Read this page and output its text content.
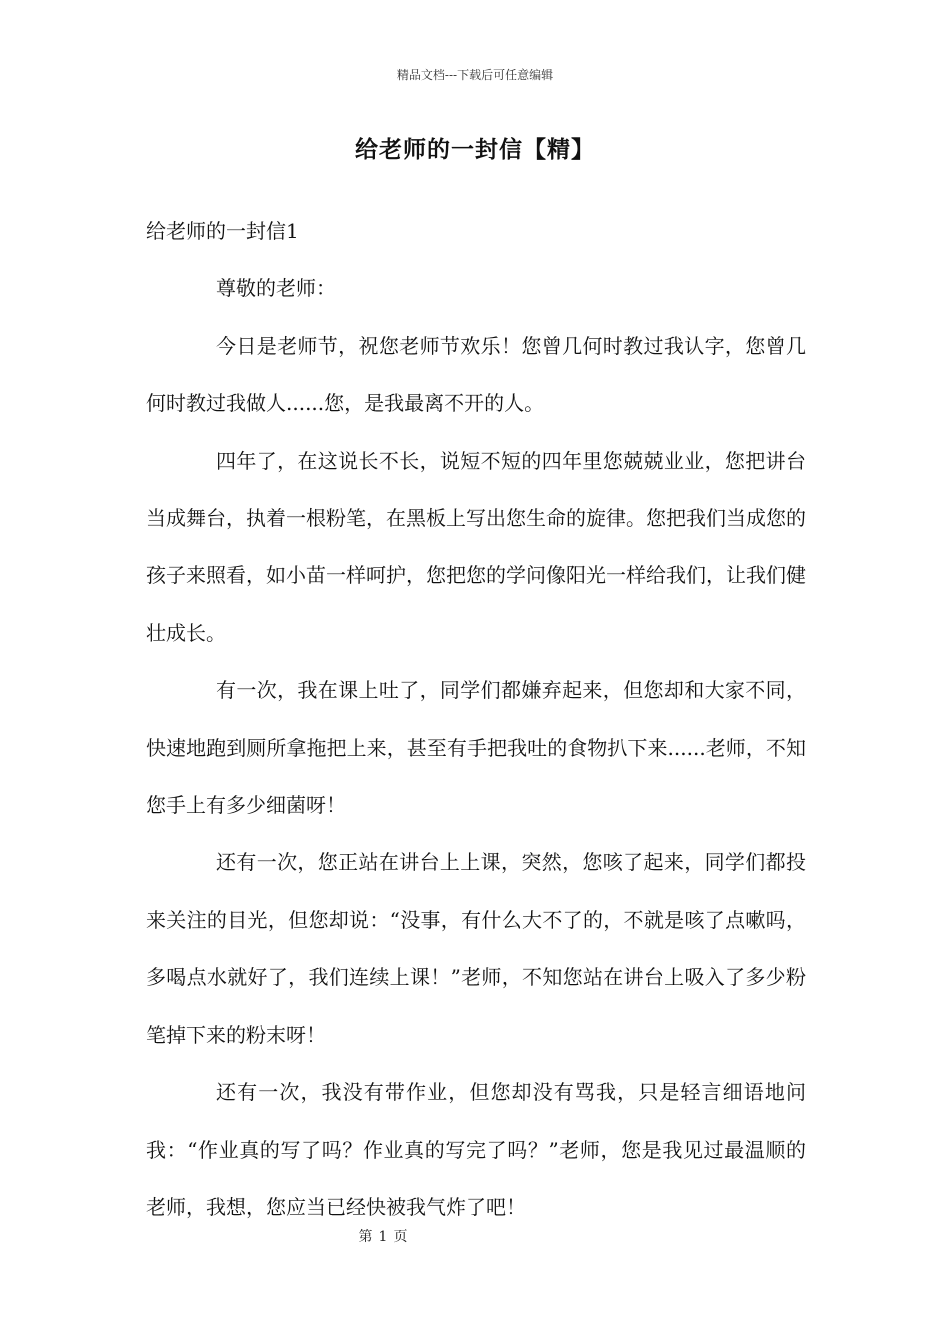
精品文档---下载后可任意编辑
给老师的一封信【精】

给老师的一封信1

尊敬的老师：

今日是老师节，祝您老师节欢乐！您曾几何时教过我认字，您曾几何时教过我做人......您，是我最离不开的人。

四年了，在这说长不长，说短不短的四年里您兢兢业业，您把讲台当成舞台，执着一根粉笔，在黑板上写出您生命的旋律。您把我们当成您的孩子来照看，如小苗一样呵护，您把您的学问像阳光一样给我们，让我们健壮成长。

有一次，我在课上吐了，同学们都嫌弃起来，但您却和大家不同，快速地跑到厕所拿拖把上来，甚至有手把我吐的食物扒下来......老师，不知您手上有多少细菌呀！

还有一次，您正站在讲台上上课，突然，您咳了起来，同学们都投来关注的目光，但您却说：“没事，有什么大不了的，不就是咳了点嗽吗，多喝点水就好了，我们连续上课！”老师，不知您站在讲台上吸入了多少粉笔掉下来的粉末呀！

还有一次，我没有带作业，但您却没有骂我，只是轻言细语地问我：“作业真的写了吗？作业真的写完了吗？”老师，您是我见过最温顺的老师，我想，您应当已经快被我气炸了吧！

第 1 页
